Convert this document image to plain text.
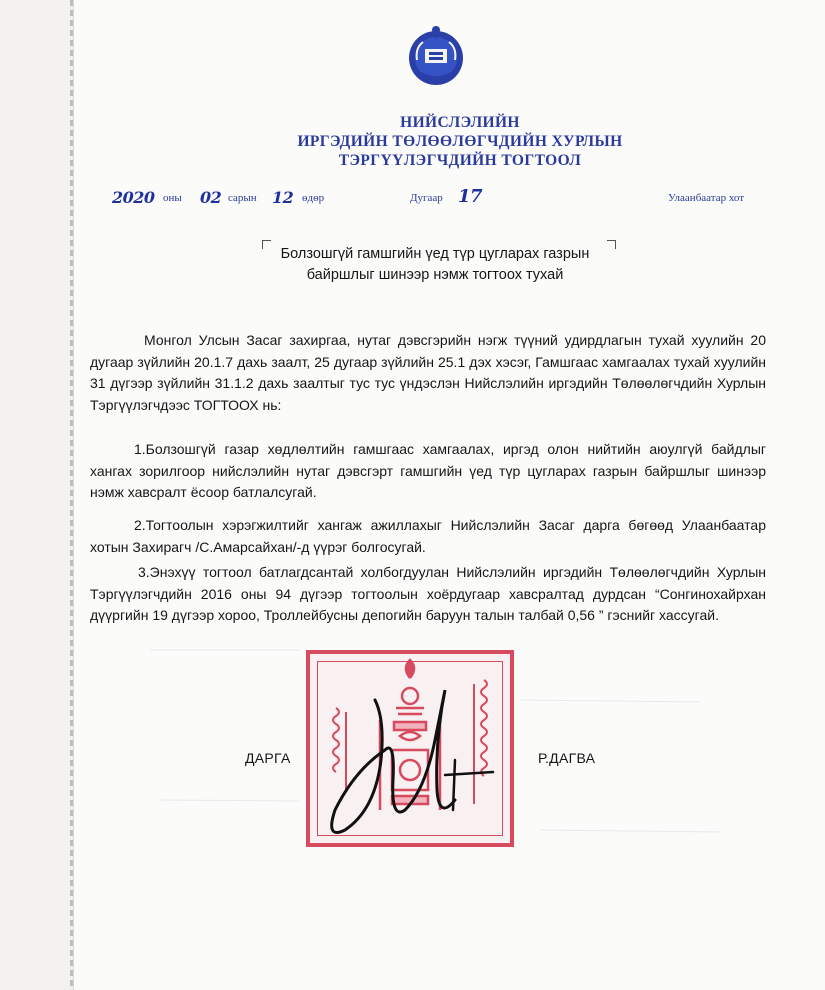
НИЙСЛЭЛИЙН
ИРГЭДИЙН ТӨЛӨӨЛӨГЧДИЙН ХУРЛЫН
ТЭРГҮҮЛЭГЧДИЙН ТОГТООЛ
2020 оны 02 сарын 12 өдөр	Дугаар 17	Улаанбаатар хот
Болзошгүй гамшгийн үед түр цугларах газрын
байршлыг шинээр нэмж тогтоох тухай
Монгол Улсын Засаг захиргаа, нутаг дэвсгэрийн нэгж түүний удирдлагын тухай хуулийн 20 дугаар зүйлийн 20.1.7 дахь заалт, 25 дугаар зүйлийн 25.1 дэх хэсэг, Гамшгаас хамгаалах тухай хуулийн 31 дүгээр зүйлийн 31.1.2 дахь заалтыг тус тус үндэслэн Нийслэлийн иргэдийн Төлөөлөгчдийн Хурлын Тэргүүлэгчдээс ТОГТООХ нь:
1.Болзошгүй газар хөдлөлтийн гамшгаас хамгаалах, иргэд олон нийтийн аюулгүй байдлыг хангах зорилгоор нийслэлийн нутаг дэвсгэрт гамшгийн үед түр цугларах газрын байршлыг шинээр нэмж хавсралт ёсоор батлалсугай.
2.Тогтоолын хэрэгжилтийг хангаж ажиллахыг Нийслэлийн Засаг дарга бөгөөд Улаанбаатар хотын Захирагч /С.Амарсайхан/-д үүрэг болгосугай.
3.Энэхүү тогтоол батлагдсантай холбогдуулан Нийслэлийн иргэдийн Төлөөлөгчдийн Хурлын Тэргүүлэгчдийн 2016 оны 94 дүгээр тогтоолын хоёрдугаар хавсралтад дурдсан “Сонгинохайрхан дүүргийн 19 дүгээр хороо, Троллейбусны депогийн баруун талын талбай 0,56 ” гэснийг хассугай.
ДАРГА	Р.ДАГВА
